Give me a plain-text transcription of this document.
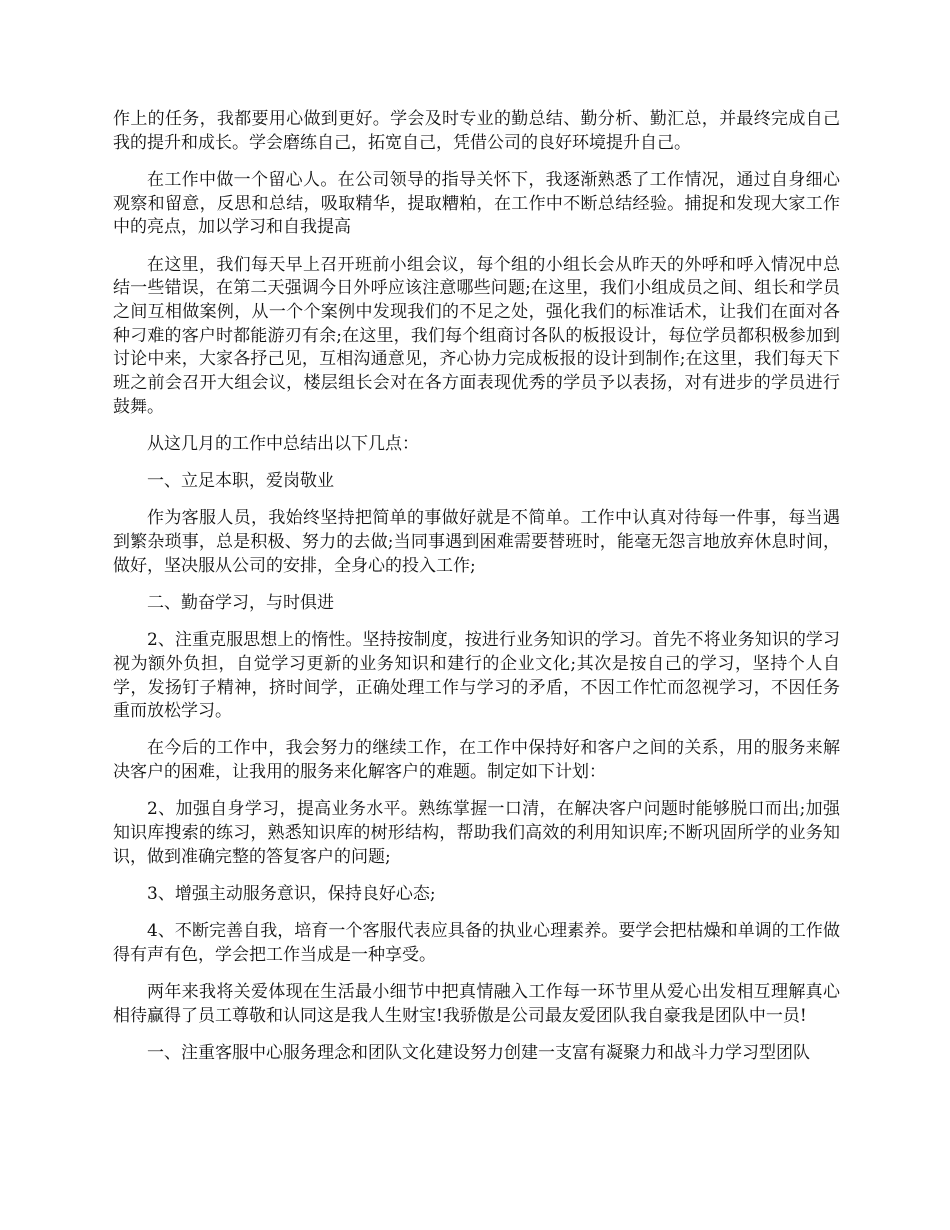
作上的任务，我都要用心做到更好。学会及时专业的勤总结、勤分析、勤汇总，并最终完成自己我的提升和成长。学会磨练自己，拓宽自己，凭借公司的良好环境提升自己。

在工作中做一个留心人。在公司领导的指导关怀下，我逐渐熟悉了工作情况，通过自身细心观察和留意，反思和总结，吸取精华，提取糟粕，在工作中不断总结经验。捕捉和发现大家工作中的亮点，加以学习和自我提高

在这里，我们每天早上召开班前小组会议，每个组的小组长会从昨天的外呼和呼入情况中总结一些错误，在第二天强调今日外呼应该注意哪些问题;在这里，我们小组成员之间、组长和学员之间互相做案例，从一个个案例中发现我们的不足之处，强化我们的标准话术，让我们在面对各种刁难的客户时都能游刃有余;在这里，我们每个组商讨各队的板报设计，每位学员都积极参加到讨论中来，大家各抒己见，互相沟通意见，齐心协力完成板报的设计到制作;在这里，我们每天下班之前会召开大组会议，楼层组长会对在各方面表现优秀的学员予以表扬，对有进步的学员进行鼓舞。

从这几月的工作中总结出以下几点：

一、立足本职，爱岗敬业

作为客服人员，我始终坚持把简单的事做好就是不简单。工作中认真对待每一件事，每当遇到繁杂琐事，总是积极、努力的去做;当同事遇到困难需要替班时，能毫无怨言地放弃休息时间，做好，坚决服从公司的安排，全身心的投入工作;

二、勤奋学习，与时俱进

2、注重克服思想上的惰性。坚持按制度，按进行业务知识的学习。首先不将业务知识的学习视为额外负担，自觉学习更新的业务知识和建行的企业文化;其次是按自己的学习，坚持个人自学，发扬钉子精神，挤时间学，正确处理工作与学习的矛盾，不因工作忙而忽视学习，不因任务重而放松学习。

在今后的工作中，我会努力的继续工作，在工作中保持好和客户之间的关系，用的服务来解决客户的困难，让我用的服务来化解客户的难题。制定如下计划：

2、加强自身学习，提高业务水平。熟练掌握一口清，在解决客户问题时能够脱口而出;加强知识库搜索的练习，熟悉知识库的树形结构，帮助我们高效的利用知识库;不断巩固所学的业务知识，做到准确完整的答复客户的问题;

3、增强主动服务意识，保持良好心态;

4、不断完善自我，培育一个客服代表应具备的执业心理素养。要学会把枯燥和单调的工作做得有声有色，学会把工作当成是一种享受。

两年来我将关爱体现在生活最小细节中把真情融入工作每一环节里从爱心出发相互理解真心相待赢得了员工尊敬和认同这是我人生财宝!我骄傲是公司最友爱团队我自豪我是团队中一员!

一、注重客服中心服务理念和团队文化建设努力创建一支富有凝聚力和战斗力学习型团队
